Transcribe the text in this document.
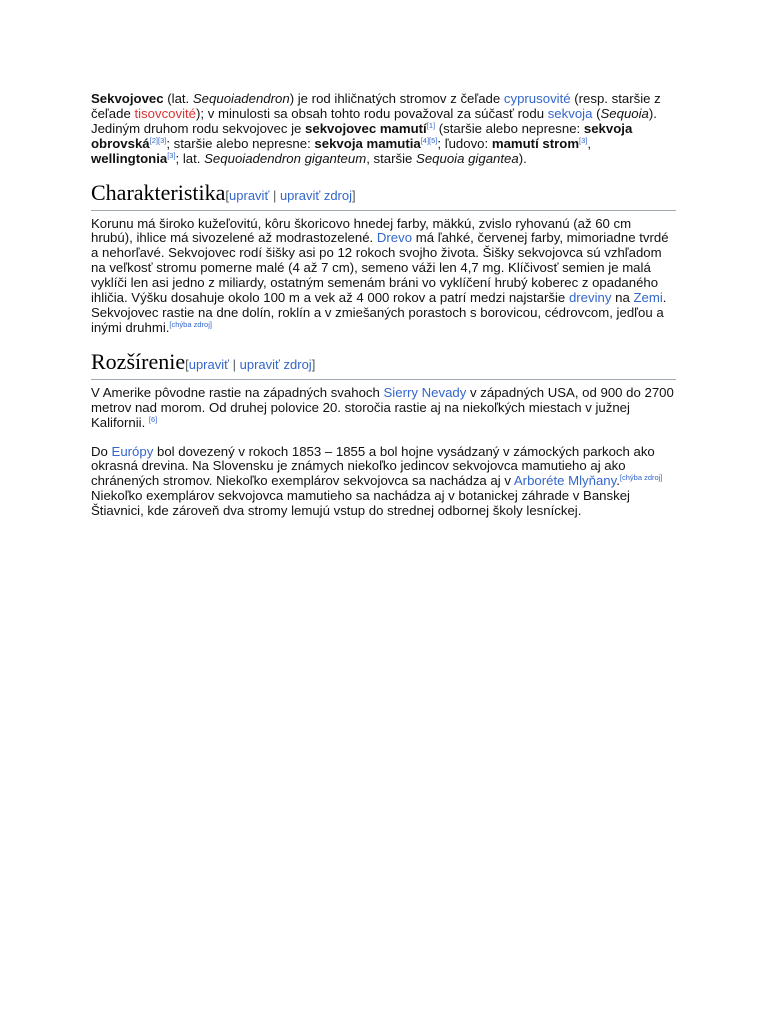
Sekvojovec (lat. Sequoiadendron) je rod ihličnatých stromov z čeľade cyprusovité (resp. staršie z čeľade tisovcovité); v minulosti sa obsah tohto rodu považoval za súčasť rodu sekvoja (Sequoia). Jediným druhom rodu sekvojovec je sekvojovec mamutí[1] (staršie alebo nepresne: sekvoja obrovská[2][3]; staršie alebo nepresne: sekvoja mamutia[4][5]; ľudovo: mamutí strom[3], wellingtonia[3]; lat. Sequoiadendron giganteum, staršie Sequoia gigantea).

Charakteristika[upraviť | upraviť zdroj]

Korunu má široko kužeľovitú, kôru škoricovo hnedej farby, mäkkú, zvislo ryhovanú (až 60 cm hrubú), ihlice má sivozelené až modrastozelené. Drevo má ľahké, červenej farby, mimoriadne tvrdé a nehorľavé. Sekvojovec rodí šišky asi po 12 rokoch svojho života. Šišky sekvojovca sú vzhľadom na veľkosť stromu pomerne malé (4 až 7 cm), semeno váži len 4,7 mg. Klíčivosť semien je malá vyklíči len asi jedno z miliardy, ostatným semenám bráni vo vyklíčení hrubý koberec z opadaného ihličia. Výšku dosahuje okolo 100 m a vek až 4 000 rokov a patrí medzi najstaršie dreviny na Zemi. Sekvojovec rastie na dne dolín, roklín a v zmiešaných porastoch s borovicou, cédrovcom, jedľou a inými druhmi.[chýba zdroj]

Rozšírenie[upraviť | upraviť zdroj]

V Amerike pôvodne rastie na západných svahoch Sierry Nevady v západných USA, od 900 do 2700 metrov nad morom. Od druhej polovice 20. storočia rastie aj na niekoľkých miestach v južnej Kalifornii. [6]

Do Európy bol dovezený v rokoch 1853 – 1855 a bol hojne vysádzaný v zámockých parkoch ako okrasná drevina. Na Slovensku je známych niekoľko jedincov sekvojovca mamutieho aj ako chránených stromov. Niekoľko exemplárov sekvojovca sa nachádza aj v Arboréte Mlyňany.[chýba zdroj] Niekoľko exemplárov sekvojovca mamutieho sa nachádza aj v botanickej záhrade v Banskej Štiavnici, kde zároveň dva stromy lemujú vstup do strednej odbornej školy lesníckej.
